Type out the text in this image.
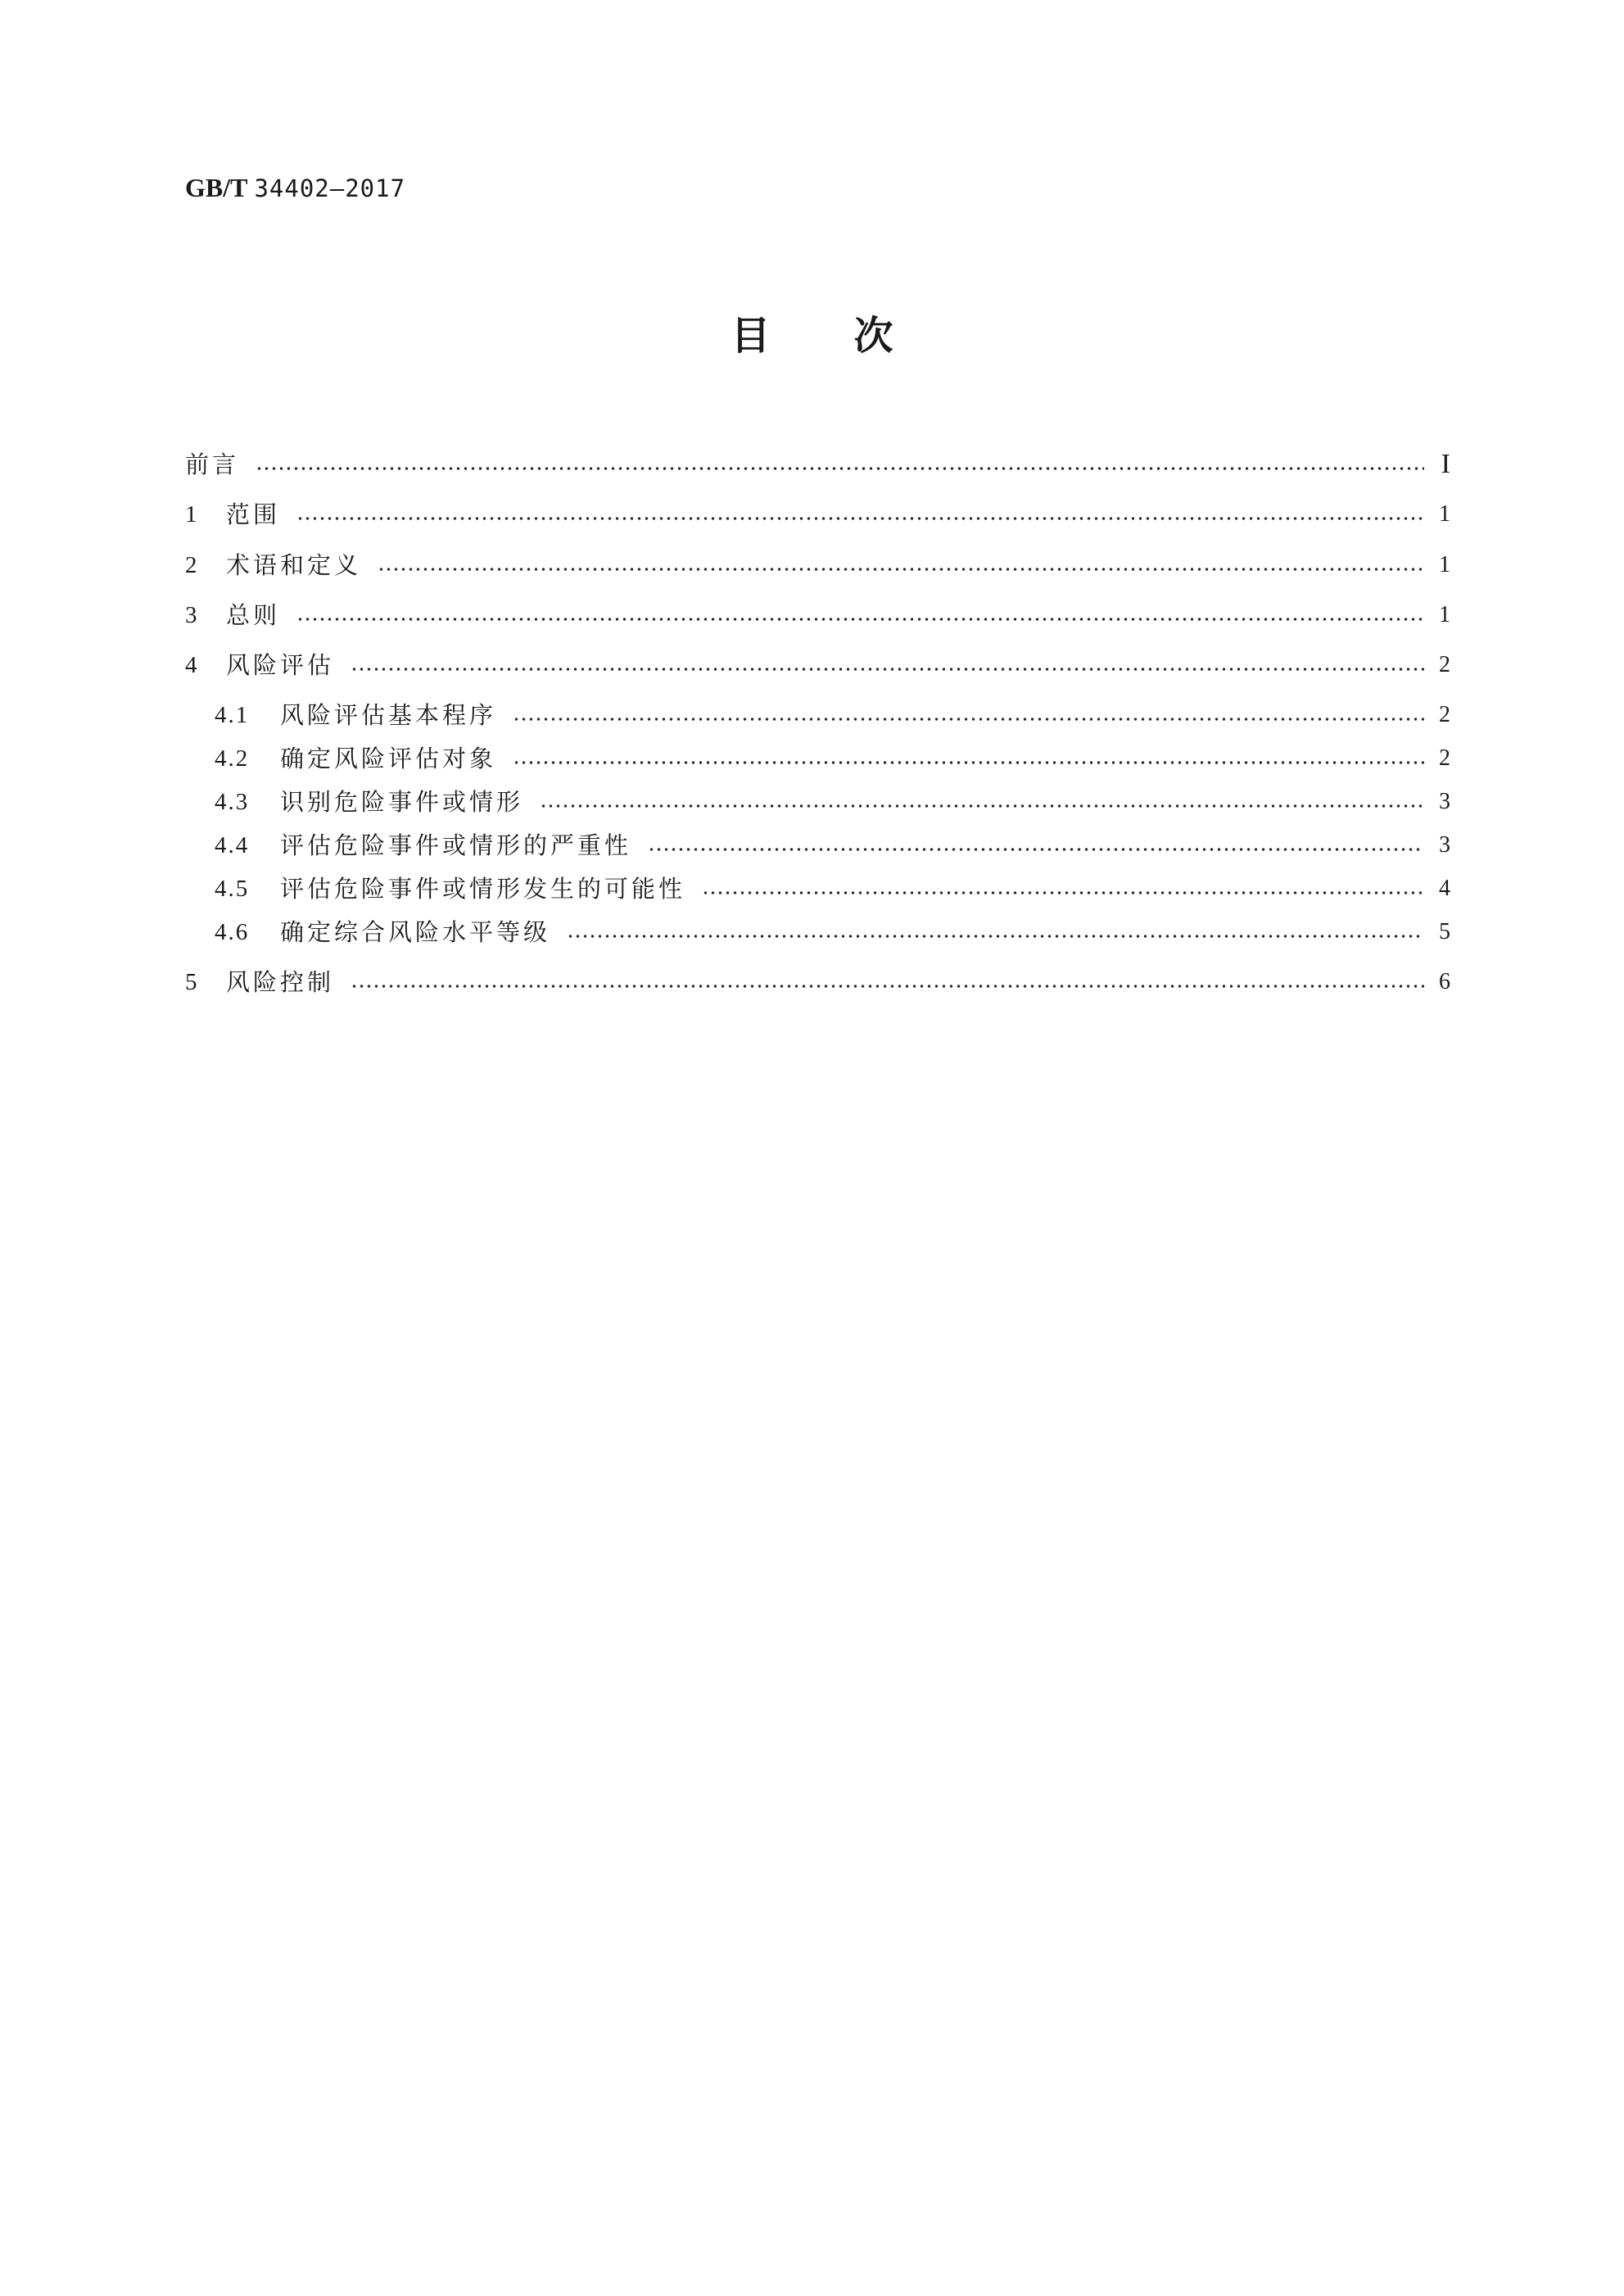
GB/T 34402—2017
目次
前言	I
1	范围	1
2	术语和定义	1
3	总则	1
4	风险评估	2
4.1	风险评估基本程序	2
4.2	确定风险评估对象	2
4.3	识别危险事件或情形	3
4.4	评估危险事件或情形的严重性	3
4.5	评估危险事件或情形发生的可能性	4
4.6	确定综合风险水平等级	5
5	风险控制	6
